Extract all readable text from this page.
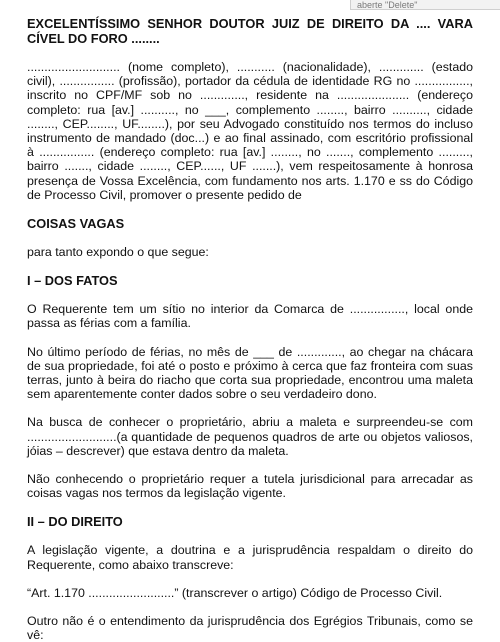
aberte "Delete"

EXCELENTÍSSIMO SENHOR DOUTOR JUIZ DE DIREITO DA .... VARA CÍVEL DO FORO ........

........................... (nome completo), ........... (nacionalidade), ............. (estado civil), ................ (profissão), portador da cédula de identidade RG no ................, inscrito no CPF/MF sob no ............., residente na ..................... (endereço completo: rua [av.] .........., no ___, complemento ........, bairro .........., cidade ........, CEP........, UF........), por seu Advogado constituído nos termos do incluso instrumento de mandado (doc...) e ao final assinado, com escritório profissional à ................ (endereço completo: rua [av.] ........, no ......., complemento ........., bairro ......., cidade ........, CEP......, UF .......), vem respeitosamente à honrosa presença de Vossa Excelência, com fundamento nos arts. 1.170 e ss do Código de Processo Civil, promover o presente pedido de

COISAS VAGAS

para tanto expondo o que segue:

I – DOS FATOS

O Requerente tem um sítio no interior da Comarca de ................, local onde passa as férias com a família.

No último período de férias, no mês de ___ de ............., ao chegar na chácara de sua propriedade, foi até o posto e próximo à cerca que faz fronteira com suas terras, junto à beira do riacho que corta sua propriedade, encontrou uma maleta sem aparentemente conter dados sobre o seu verdadeiro dono.

Na busca de conhecer o proprietário, abriu a maleta e surpreendeu-se com ..........................(a quantidade de pequenos quadros de arte ou objetos valiosos, jóias – descrever) que estava dentro da maleta.

Não conhecendo o proprietário requer a tutela jurisdicional para arrecadar as coisas vagas nos termos da legislação vigente.

II – DO DIREITO

A legislação vigente, a doutrina e a jurisprudência respaldam o direito do Requerente, como abaixo transcreve:

“Art. 1.170 .........................” (transcrever o artigo) Código de Processo Civil.

Outro não é o entendimento da jurisprudência dos Egrégios Tribunais, como se vê:
